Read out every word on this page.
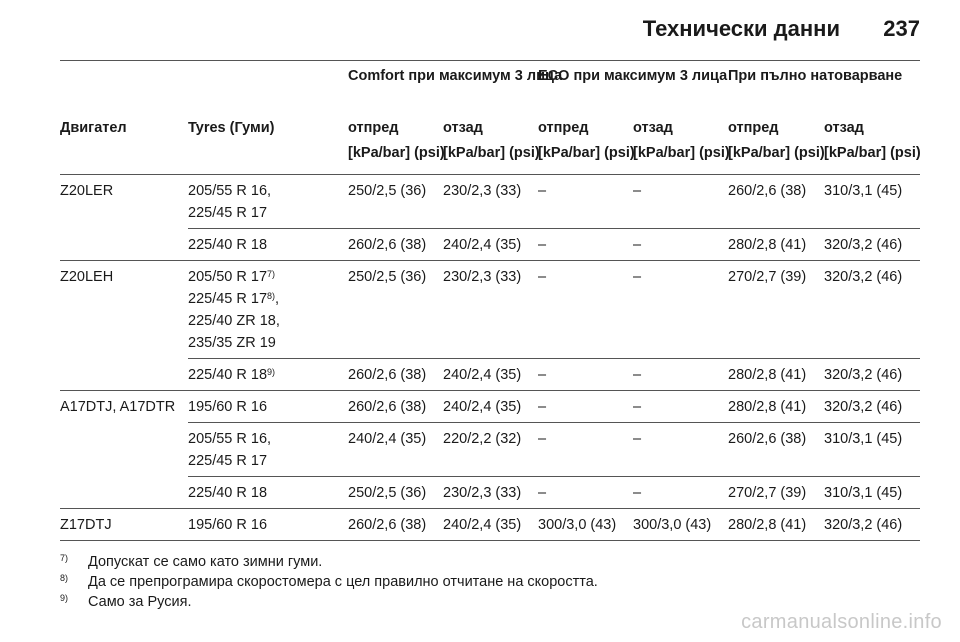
Технически данни 237
		Comfort при максимум 3 лица		ECO при максимум 3 лица		При пълно натоварване	
Двигател	Tyres (Гуми)	отпред	отзад	отпред	отзад	отпред	отзад
		[kPa/bar] (psi)	[kPa/bar] (psi)	[kPa/bar] (psi)	[kPa/bar] (psi)	[kPa/bar] (psi)	[kPa/bar] (psi)
Z20LER	205/55 R 16,
225/45 R 17	250/2,5 (36)	230/2,3 (33)	–	–	260/2,6 (38)	310/3,1 (45)

	225/40 R 18	260/2,6 (38)	240/2,4 (35)	–	–	280/2,8 (41)	320/3,2 (46)
Z20LEH	205/50 R 17$^{7)}$
225/45 R 17$^{8)}$,
225/40 ZR 18,
235/35 ZR 19	250/2,5 (36)	230/2,3 (33)	–	–	270/2,7 (39)	320/3,2 (46)

	225/40 R 18$^{9)}$	260/2,6 (38)	240/2,4 (35)	–	–	280/2,8 (41)	320/3,2 (46)
A17DTJ, A17DTR	195/60 R 16	260/2,6 (38)	240/2,4 (35)	–	–	280/2,8 (41)	320/3,2 (46)

	205/55 R 16,
225/45 R 17	240/2,4 (35)	220/2,2 (32)	–	–	260/2,6 (38)	310/3,1 (45)

	225/40 R 18	250/2,5 (36)	230/2,3 (33)	–	–	270/2,7 (39)	310/3,1 (45)
Z17DTJ	195/60 R 16	260/2,6 (38)	240/2,4 (35)	300/3,0 (43)	300/3,0 (43)	280/2,8 (41)	320/3,2 (46)
7)	Допускат се само като зимни гуми.
8)	Да се препрограмира скоростомера с цел правилно отчитане на скоростта.
9)	Само за Русия.
carmanualsonline.info
